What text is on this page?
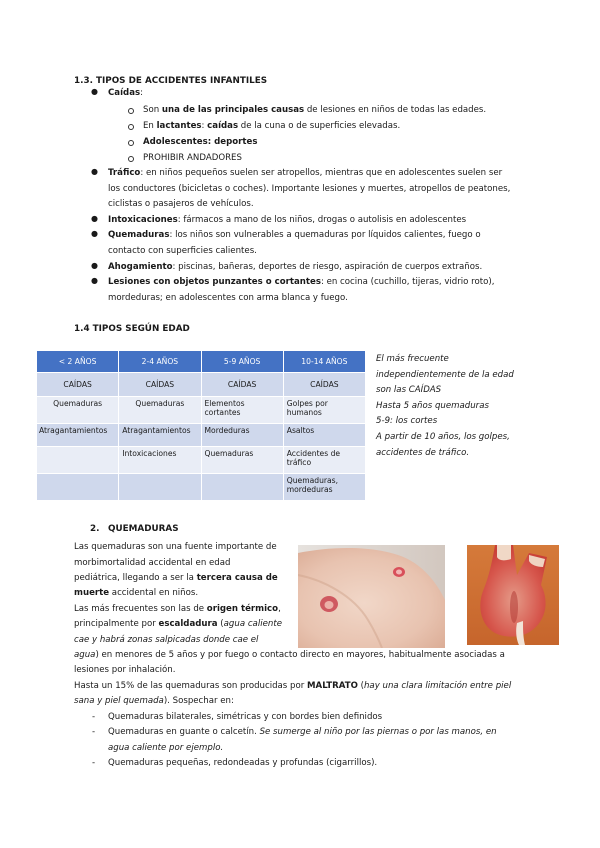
1.3. TIPOS DE ACCIDENTES INFANTILES
● Caídas:
Son una de las principales causas de lesiones en niños de todas las edades.
En lactantes: caídas de la cuna o de superficies elevadas.
Adolescentes: deportes
PROHIBIR ANDADORES
● Tráfico: en niños pequeños suelen ser atropellos, mientras que en adolescentes suelen ser
los conductores (bicicletas o coches). Importante lesiones y muertes, atropellos de peatones,
ciclistas o pasajeros de vehículos.
● Intoxicaciones: fármacos a mano de los niños, drogas o autolisis en adolescentes
● Quemaduras: los niños son vulnerables a quemaduras por líquidos calientes, fuego o
contacto con superficies calientes.
● Ahogamiento: piscinas, bañeras, deportes de riesgo, aspiración de cuerpos extraños.
● Lesiones con objetos punzantes o cortantes: en cocina (cuchillo, tijeras, vidrio roto),
mordeduras; en adolescentes con arma blanca y fuego.
1.4 TIPOS SEGÚN EDAD
< 2 AÑOS	2-4 AÑOS	5-9 AÑOS	10-14 AÑOS
CAÍDAS	CAÍDAS	CAÍDAS	CAÍDAS
Quemaduras	Quemaduras	Elementos cortantes	Golpes por humanos
Atragantamientos	Atragantamientos	Mordeduras	Asaltos
	Intoxicaciones	Quemaduras	Accidentes de tráfico
			Quemaduras, mordeduras
El más frecuente
independientemente de la edad
son las CAÍDAS
Hasta 5 años quemaduras
5-9: los cortes
A partir de 10 años, los golpes,
accidentes de tráfico.
2. QUEMADURAS
Las quemaduras son una fuente importante de
morbimortalidad accidental en edad
pediátrica, llegando a ser la tercera causa de
muerte accidental en niños.
Las más frecuentes son las de origen térmico,
principalmente por escaldadura (agua caliente
cae y habrá zonas salpicadas donde cae el
agua) en menores de 5 años y por fuego o contacto directo en mayores, habitualmente asociadas a
lesiones por inhalación.
Hasta un 15% de las quemaduras son producidas por MALTRATO (hay una clara limitación entre piel
sana y piel quemada). Sospechar en:
- Quemaduras bilaterales, simétricas y con bordes bien definidos
- Quemaduras en guante o calcetín. Se sumerge al niño por las piernas o por las manos, en
agua caliente por ejemplo.
- Quemaduras pequeñas, redondeadas y profundas (cigarrillos).
